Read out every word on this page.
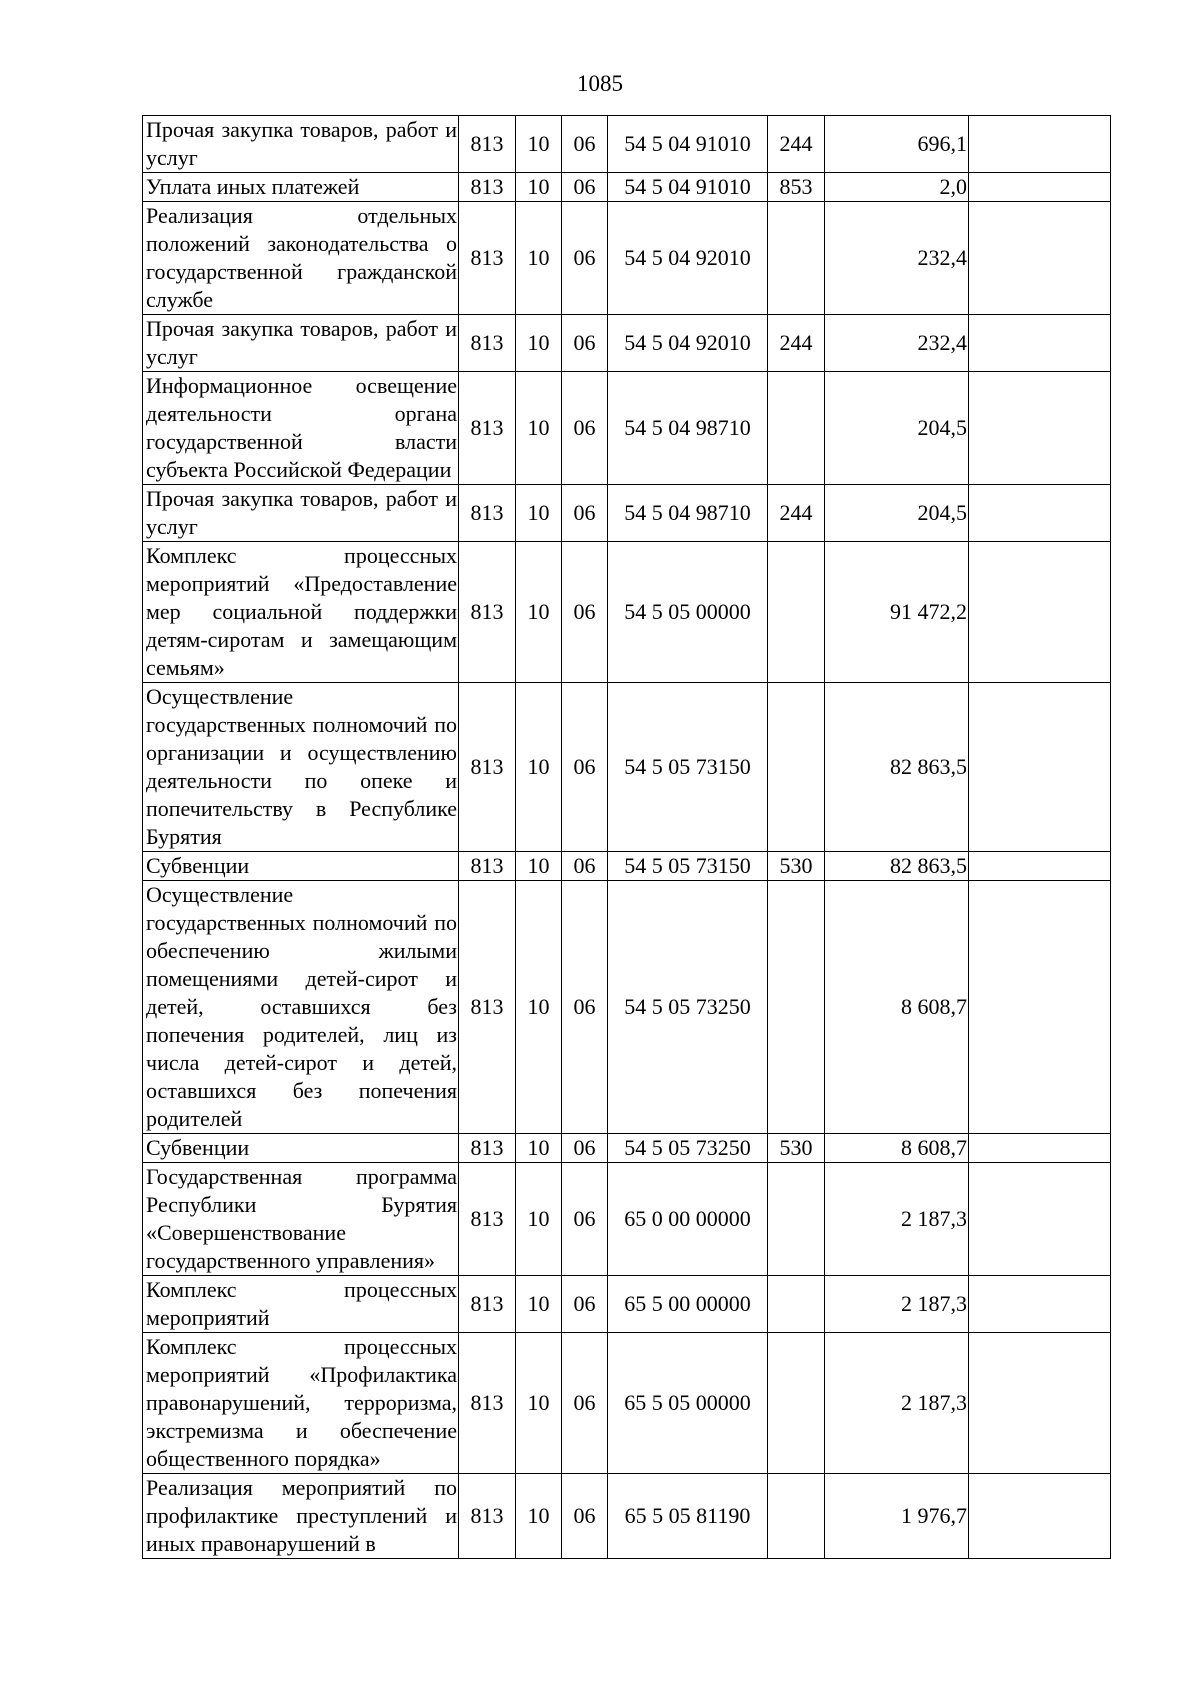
1085
Прочая закупка товаров, работ и услуг	813	10	06	54 5 04 91010	244	696,1	
Уплата иных платежей	813	10	06	54 5 04 91010	853	2,0	
Реализация отдельных положений законодательства о государственной гражданской службе	813	10	06	54 5 04 92010		232,4	
Прочая закупка товаров, работ и услуг	813	10	06	54 5 04 92010	244	232,4	
Информационное освещение деятельности органа государственной власти субъекта Российской Федерации	813	10	06	54 5 04 98710		204,5	
Прочая закупка товаров, работ и услуг	813	10	06	54 5 04 98710	244	204,5	
Комплекс процессных мероприятий «Предоставление мер социальной поддержки детям-сиротам и замещающим семьям»	813	10	06	54 5 05 00000		91 472,2	
Осуществление государственных полномочий по организации и осуществлению деятельности по опеке и попечительству в Республике Бурятия	813	10	06	54 5 05 73150		82 863,5	
Субвенции	813	10	06	54 5 05 73150	530	82 863,5	
Осуществление государственных полномочий по обеспечению жилыми помещениями детей-сирот и детей, оставшихся без попечения родителей, лиц из числа детей-сирот и детей, оставшихся без попечения родителей	813	10	06	54 5 05 73250		8 608,7	
Субвенции	813	10	06	54 5 05 73250	530	8 608,7	
Государственная программа Республики Бурятия «Совершенствование государственного управления»	813	10	06	65 0 00 00000		2 187,3	
Комплекс процессных мероприятий	813	10	06	65 5 00 00000		2 187,3	
Комплекс процессных мероприятий «Профилактика правонарушений, терроризма, экстремизма и обеспечение общественного порядка»	813	10	06	65 5 05 00000		2 187,3	
Реализация мероприятий по профилактике преступлений и иных правонарушений в	813	10	06	65 5 05 81190		1 976,7	
